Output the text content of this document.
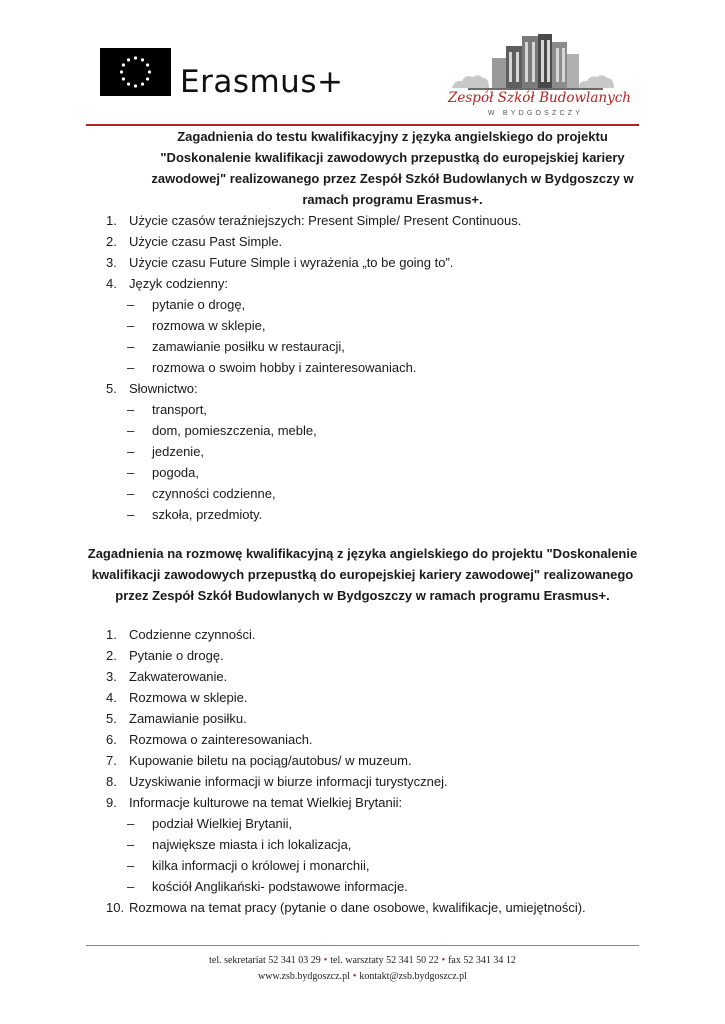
Erasmus+	Zespół Szkół Budowlanych
W BYDGOSZCZY

Zagadnienia do testu kwalifikacyjny z języka angielskiego do projektu "Doskonalenie kwalifikacji zawodowych przepustką do europejskiej kariery zawodowej" realizowanego przez Zespół Szkół Budowlanych w Bydgoszczy w ramach programu Erasmus+.

1. Użycie czasów teraźniejszych: Present Simple/ Present Continuous.
2. Użycie czasu Past Simple.
3. Użycie czasu Future Simple i wyrażenia „to be going to”.
4. Język codzienny:
– pytanie o drogę,
– rozmowa w sklepie,
– zamawianie posiłku w restauracji,
– rozmowa o swoim hobby i zainteresowaniach.
5. Słownictwo:
– transport,
– dom, pomieszczenia, meble,
– jedzenie,
– pogoda,
– czynności codzienne,
– szkoła, przedmioty.

Zagadnienia na rozmowę kwalifikacyjną z języka angielskiego do projektu "Doskonalenie kwalifikacji zawodowych przepustką do europejskiej kariery zawodowej" realizowanego przez Zespół Szkół Budowlanych w Bydgoszczy w ramach programu Erasmus+.

1. Codzienne czynności.
2. Pytanie o drogę.
3. Zakwaterowanie.
4. Rozmowa w sklepie.
5. Zamawianie posiłku.
6. Rozmowa o zainteresowaniach.
7. Kupowanie biletu na pociąg/autobus/ w muzeum.
8. Uzyskiwanie informacji w biurze informacji turystycznej.
9. Informacje kulturowe na temat Wielkiej Brytanii:
– podział Wielkiej Brytanii,
– największe miasta i ich lokalizacja,
– kilka informacji o królowej i monarchii,
– kościół Anglikański- podstawowe informacje.
10. Rozmowa na temat pracy (pytanie o dane osobowe, kwalifikacje, umiejętności).
tel. sekretariat 52 341 03 29 • tel. warsztaty 52 341 50 22 • fax 52 341 34 12
www.zsb.bydgoszcz.pl • kontakt@zsb.bydgoszcz.pl
